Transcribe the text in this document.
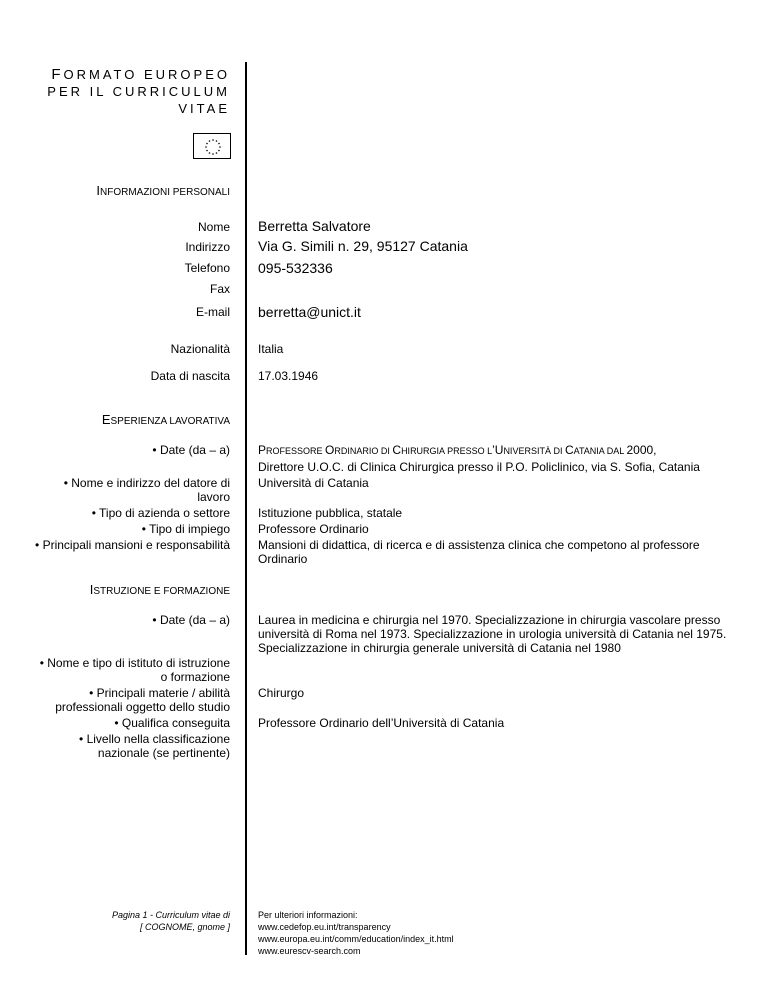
FORMATO EUROPEO
PER IL CURRICULUM
VITAE
INFORMAZIONI PERSONALI
Nome Berretta Salvatore
Indirizzo Via G. Simili n. 29, 95127 Catania
Telefono 095-532336
Fax
E-mail berretta@unict.it
Nazionalità Italia
Data di nascita 17.03.1946
ESPERIENZA LAVORATIVA
• Date (da – a) PROFESSORE ORDINARIO DI CHIRURGIA PRESSO L’UNIVERSITÀ DI CATANIA DAL 2000,
Direttore U.O.C. di Clinica Chirurgica presso il P.O. Policlinico, via S. Sofia, Catania
Università di Catania
• Nome e indirizzo del datore di
lavoro
• Tipo di azienda o settore Istituzione pubblica, statale
• Tipo di impiego Professore Ordinario
• Principali mansioni e responsabilità Mansioni di didattica, di ricerca e di assistenza clinica che competono al professore Ordinario
ISTRUZIONE E FORMAZIONE
• Date (da – a) Laurea in medicina e chirurgia nel 1970. Specializzazione in chirurgia vascolare presso
università di Roma nel 1973. Specializzazione in urologia università di Catania nel 1975.
Specializzazione in chirurgia generale università di Catania nel 1980
• Nome e tipo di istituto di istruzione
o formazione
• Principali materie / abilità
professionali oggetto dello studio
Chirurgo
• Qualifica conseguita Professore Ordinario dell’Università di Catania
• Livello nella classificazione
nazionale (se pertinente)
Pagina 1 - Curriculum vitae di
[ COGNOME, gnome ]
Per ulteriori informazioni:
www.cedefop.eu.int/transparency
www.europa.eu.int/comm/education/index_it.html
www.eurescv-search.com
